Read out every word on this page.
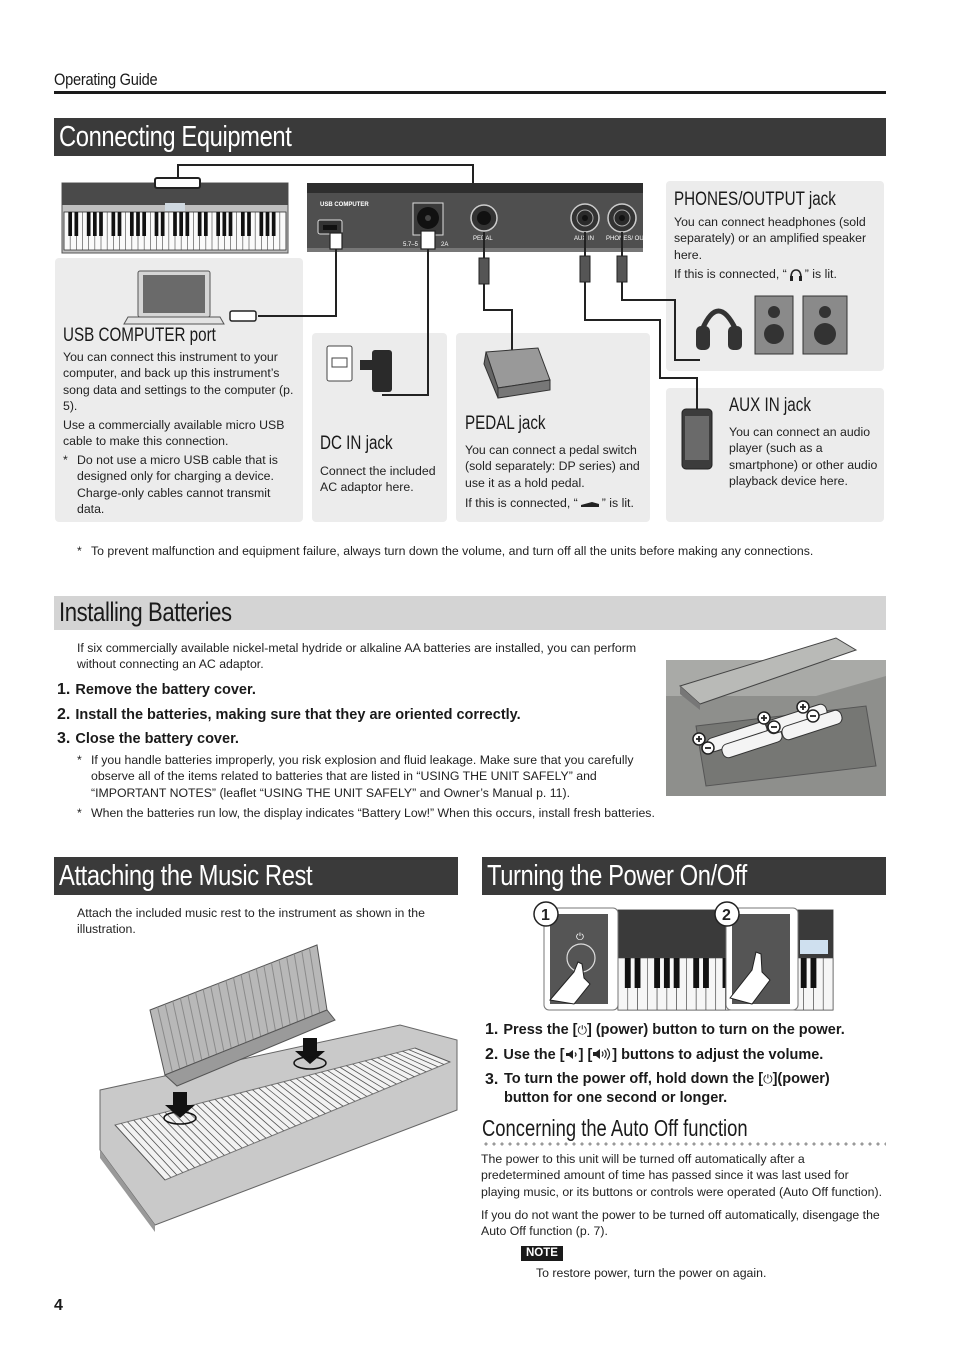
Operating Guide
Connecting Equipment
USB COMPUTER
5.7–5	2A
PEDAL	AUX IN PHONES/ OUTPUT
USB COMPUTER port
You can connect this instrument to your computer, and back up this instrument’s song data and settings to the computer (p. 5).
Use a commercially available micro USB cable to make this connection.
* Do not use a micro USB cable that is designed only for charging a device. Charge-only cables cannot transmit data.
DC IN jack
Connect the included AC adaptor here.
PEDAL jack
You can connect a pedal switch (sold separately: DP series) and use it as a hold pedal.
If this is connected, “ ” is lit.
PHONES/OUTPUT jack
You can connect headphones (sold separately) or an amplified speaker here.
If this is connected, “ ” is lit.
AUX IN jack
You can connect an audio player (such as a smartphone) or other audio playback device here.
* To prevent malfunction and equipment failure, always turn down the volume, and turn off all the units before making any connections.
Installing Batteries
If six commercially available nickel-metal hydride or alkaline AA batteries are installed, you can perform without connecting an AC adaptor.
1. Remove the battery cover.
2. Install the batteries, making sure that they are oriented correctly.
3. Close the battery cover.
* If you handle batteries improperly, you risk explosion and fluid leakage. Make sure that you carefully observe all of the items related to batteries that are listed in “USING THE UNIT SAFELY” and “IMPORTANT NOTES” (leaflet “USING THE UNIT SAFELY” and Owner’s Manual p. 11).
* When the batteries run low, the display indicates “Battery Low!” When this occurs, install fresh batteries.
Attaching the Music Rest
Attach the included music rest to the instrument as shown in the illustration.
Turning the Power On/Off
⏻
1	2
1. Press the [⏻] (power) button to turn on the power.
2. Use the [ ] [ ] buttons to adjust the volume.
3. To turn the power off, hold down the [⏻](power) button for one second or longer.
Concerning the Auto Off function
The power to this unit will be turned off automatically after a predetermined amount of time has passed since it was last used for playing music, or its buttons or controls were operated (Auto Off function).
If you do not want the power to be turned off automatically, disengage the Auto Off function (p. 7).
NOTE
To restore power, turn the power on again.
4
